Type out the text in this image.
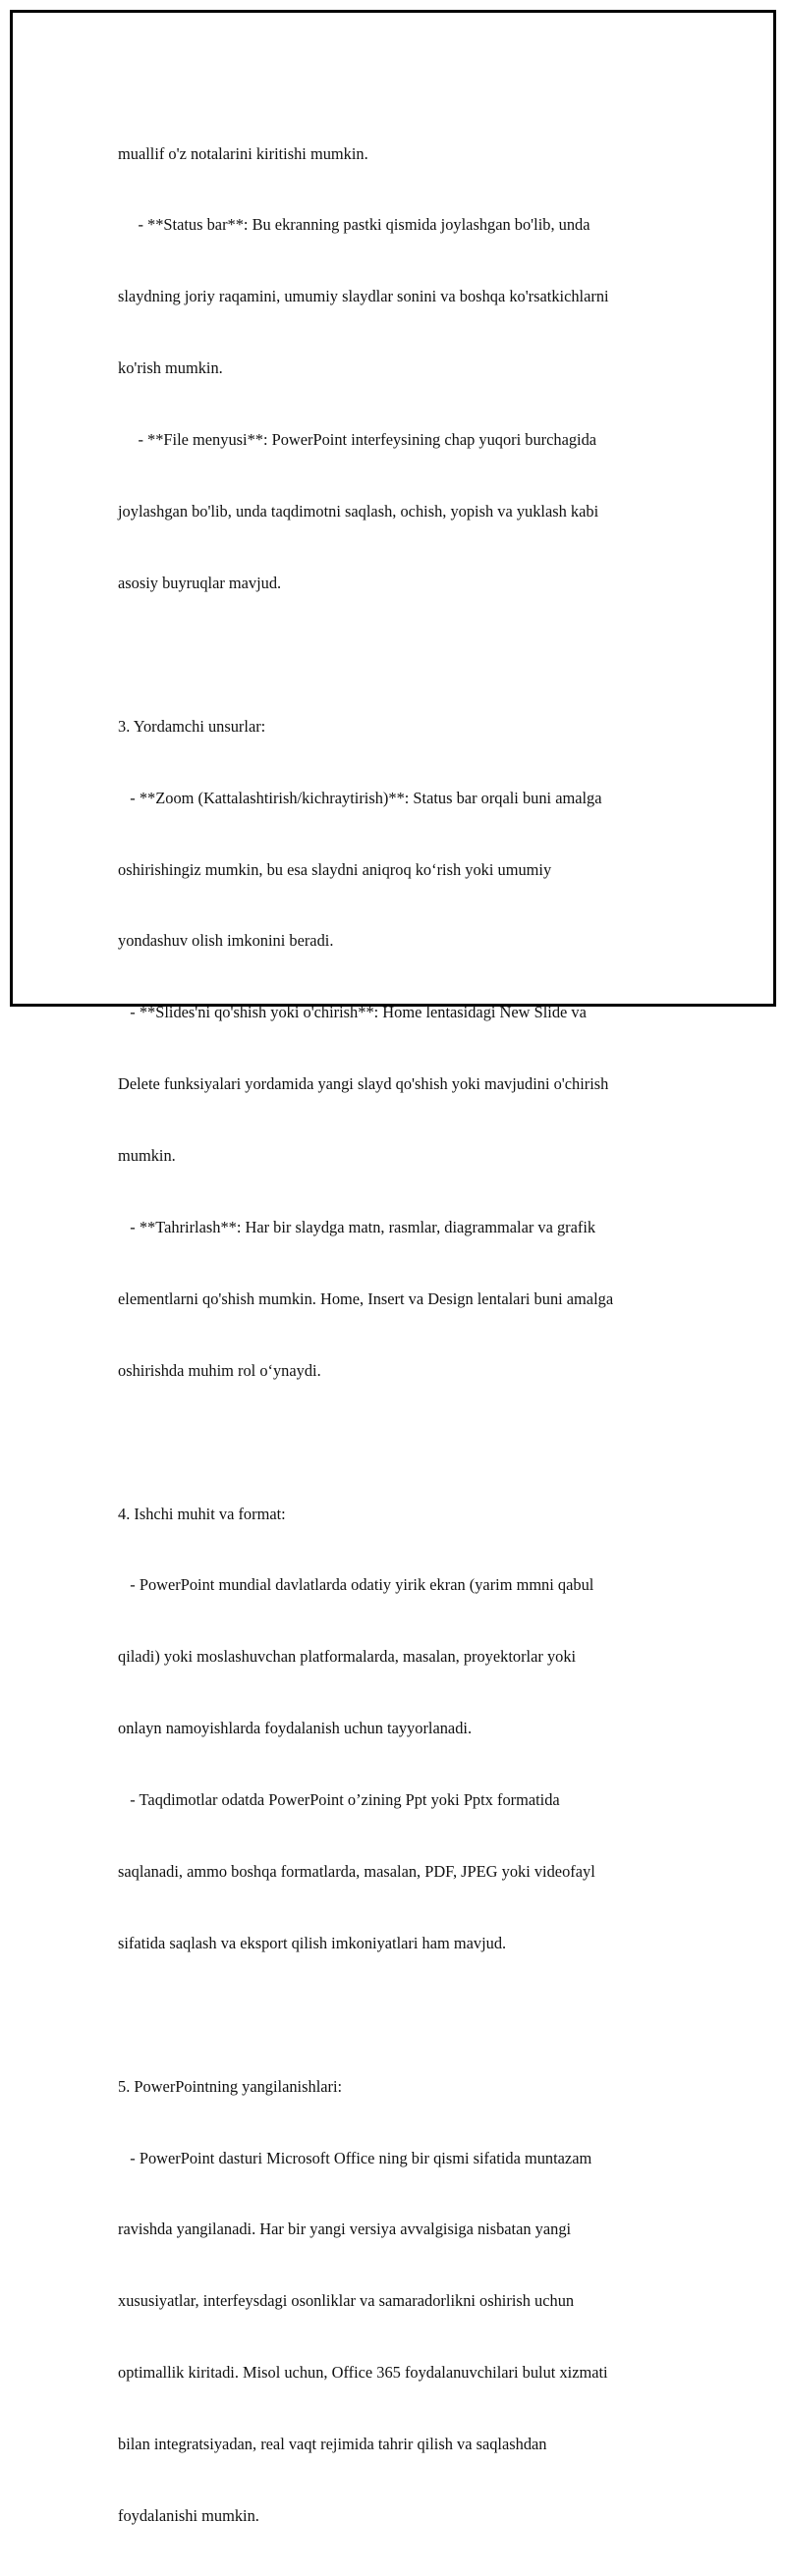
muallif o'z notalarini kiritishi mumkin.

- **Status bar**: Bu ekranning pastki qismida joylashgan bo'lib, unda

slaydning joriy raqamini, umumiy slaydlar sonini va boshqa ko'rsatkichlarni

ko'rish mumkin.

- **File menyusi**: PowerPoint interfeysining chap yuqori burchagida

joylashgan bo'lib, unda taqdimotni saqlash, ochish, yopish va yuklash kabi

asosiy buyruqlar mavjud.

3. Yordamchi unsurlar:

- **Zoom (Kattalashtirish/kichraytirish)**: Status bar orqali buni amalga

oshirishingiz mumkin, bu esa slaydni aniqroq ko‘rish yoki umumiy

yondashuv olish imkonini beradi.

- **Slides'ni qo'shish yoki o'chirish**: Home lentasidagi New Slide va

Delete funksiyalari yordamida yangi slayd qo'shish yoki mavjudini o'chirish

mumkin.

- **Tahrirlash**: Har bir slaydga matn, rasmlar, diagrammalar va grafik

elementlarni qo'shish mumkin. Home, Insert va Design lentalari buni amalga

oshirishda muhim rol o‘ynaydi.

4. Ishchi muhit va format:

- PowerPoint mundial davlatlarda odatiy yirik ekran (yarim mmni qabul

qiladi) yoki moslashuvchan platformalarda, masalan, proyektorlar yoki

onlayn namoyishlarda foydalanish uchun tayyorlanadi.

- Taqdimotlar odatda PowerPoint o’zining Ppt yoki Pptx formatida

saqlanadi, ammo boshqa formatlarda, masalan, PDF, JPEG yoki videofayl

sifatida saqlash va eksport qilish imkoniyatlari ham mavjud.

5. PowerPointning yangilanishlari:

- PowerPoint dasturi Microsoft Office ning bir qismi sifatida muntazam

ravishda yangilanadi. Har bir yangi versiya avvalgisiga nisbatan yangi

xususiyatlar, interfeysdagi osonliklar va samaradorlikni oshirish uchun

optimallik kiritadi. Misol uchun, Office 365 foydalanuvchilari bulut xizmati

bilan integratsiyadan, real vaqt rejimida tahrir qilish va saqlashdan

foydalanishi mumkin.
